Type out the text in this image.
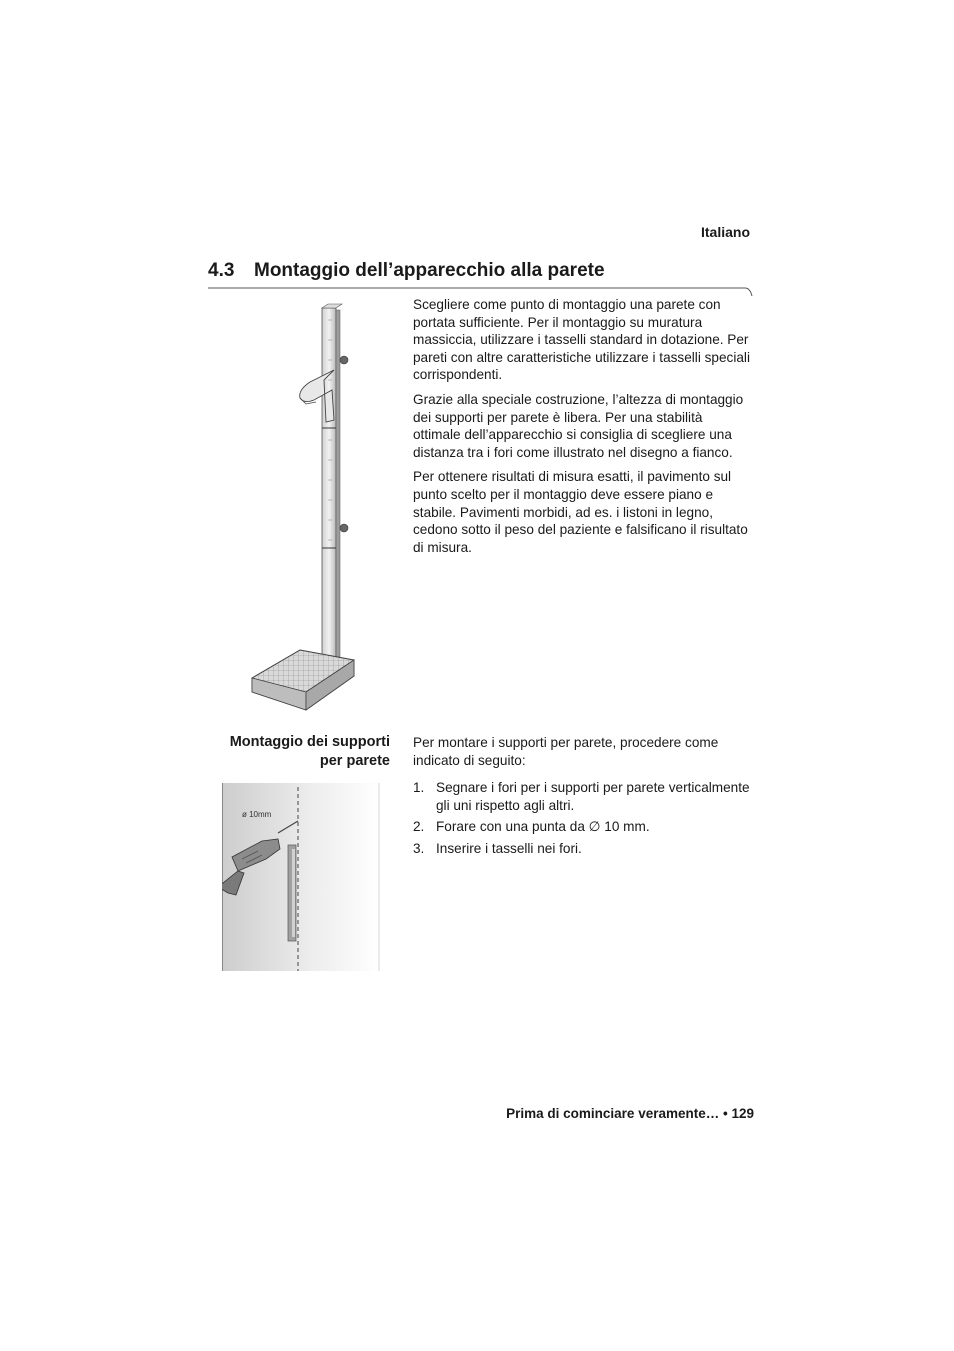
Italiano
4.3 Montaggio dell’apparecchio alla parete

Scegliere come punto di montaggio una parete con portata sufficiente. Per il montaggio su muratura massiccia, utilizzare i tasselli standard in dotazione. Per pareti con altre caratteristiche utilizzare i tasselli speciali corrispondenti.

Grazie alla speciale costruzione, l’altezza di montaggio dei supporti per parete è libera. Per una stabilità ottimale dell’apparecchio si consiglia di scegliere una distanza tra i fori come illustrato nel disegno a fianco.

Per ottenere risultati di misura esatti, il pavimento sul punto scelto per il montaggio deve essere piano e stabile. Pavimenti morbidi, ad es. i listoni in legno, cedono sotto il peso del paziente e falsificano il risultato di misura.

Montaggio dei supporti
per parete
ø 10mm

Per montare i supporti per parete, procedere come indicato di seguito:

1. Segnare i fori per i supporti per parete verticalmente gli uni rispetto agli altri.
2. Forare con una punta da ∅ 10 mm.
3. Inserire i tasselli nei fori.
Prima di cominciare veramente… • 129
